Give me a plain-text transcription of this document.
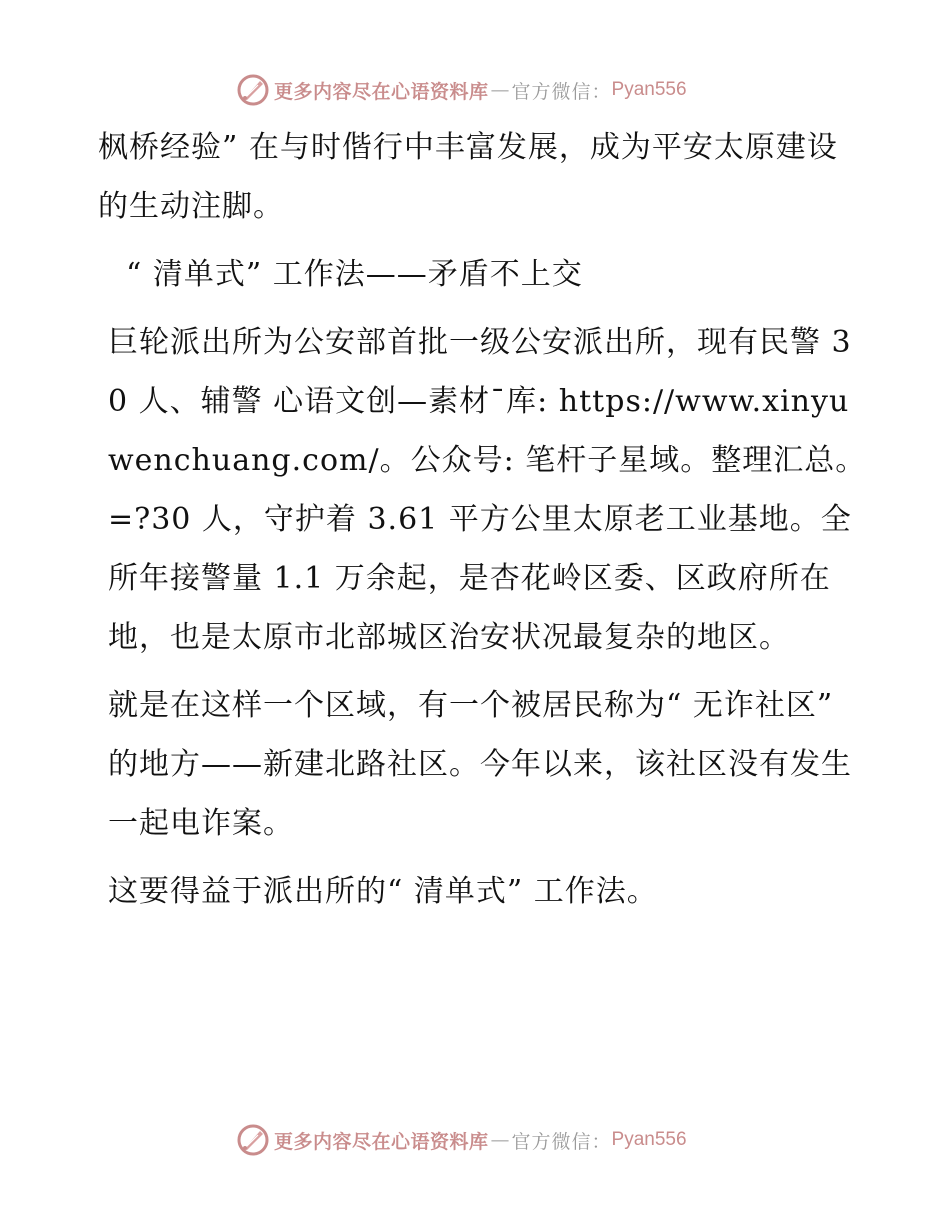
更多内容尽在心语资料库 — 官方微信： Pyan556

枫桥经验” 在与时偕行中丰富发展，成为平安太原建设的生动注脚。

“ 清单式” 工作法——矛盾不上交

巨轮派出所为公安部首批一级公安派出所，现有民警 30 人、辅警 心语文创—素材¯库: https://www.xinyuwenchuang.com/。公众号: 笔杆子星域。整理汇总。=?30 人，守护着 3.61 平方公里太原老工业基地。全所年接警量 1.1 万余起，是杏花岭区委、区政府所在地，也是太原市北部城区治安状况最复杂的地区。

就是在这样一个区域，有一个被居民称为“ 无诈社区” 的地方——新建北路社区。今年以来，该社区没有发生一起电诈案。

这要得益于派出所的“ 清单式” 工作法。

更多内容尽在心语资料库 — 官方微信： Pyan556
